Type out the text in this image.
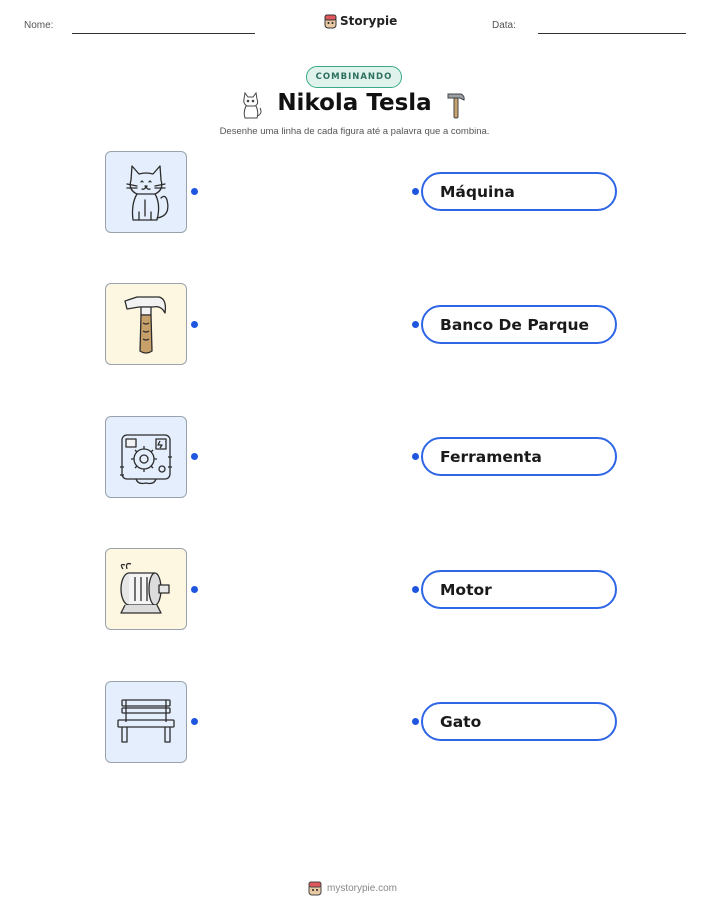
Nome:	Storypie	Data:
COMBINANDO
Nikola Tesla
Desenhe uma linha de cada figura até a palavra que a combina.
Máquina
Banco De Parque
Ferramenta
Motor
Gato
mystorypie.com
